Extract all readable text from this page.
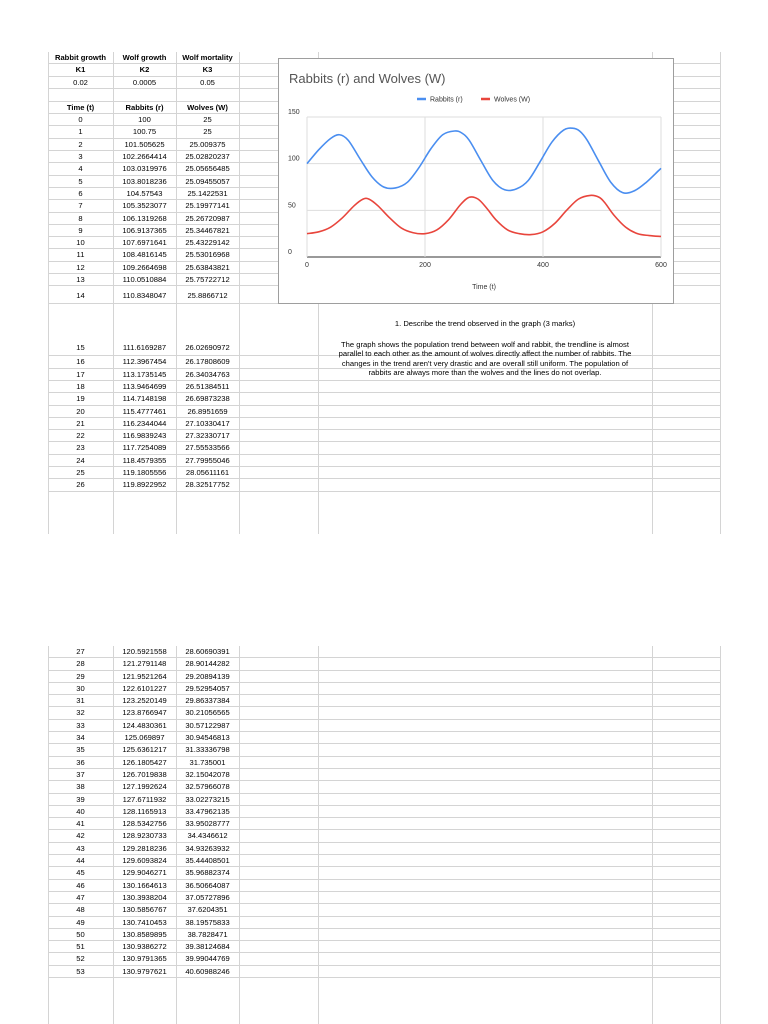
Rabbit growth	Wolf growth	Wolf mortality
K1	K2	K3
0.02	0.0005	0.05
Time (t)	Rabbits (r)	Wolves (W)
0	100	25
1	100.75	25
2	101.505625	25.009375
3	102.2664414	25.02820237
4	103.0319976	25.05656485
5	103.8018236	25.09455057
6	104.57543	25.1422531
7	105.3523077	25.19977141
8	106.1319268	25.26720987
9	106.9137365	25.34467821
10	107.6971641	25.43229142
11	108.4816145	25.53016968
12	109.2664698	25.63843821
13	110.0510884	25.75722712
14	110.8348047	25.8866712
15	111.6169287	26.02690972
16	112.3967454	26.17808609
17	113.1735145	26.34034763
18	113.9464699	26.51384511
19	114.7148198	26.69873238
20	115.4777461	26.8951659
21	116.2344044	27.10330417
22	116.9839243	27.32330717
23	117.7254089	27.55533566
24	118.4579355	27.79955046
25	119.1805556	28.05611161
26	119.8922952	28.32517752
27	120.5921558	28.60690391
28	121.2791148	28.90144282
29	121.9521264	29.20894139
30	122.6101227	29.52954057
31	123.2520149	29.86337384
32	123.8766947	30.21056565
33	124.4830361	30.57122987
34	125.069897	30.94546813
35	125.6361217	31.33336798
36	126.1805427	31.735001
37	126.7019838	32.15042078
38	127.1992624	32.57966078
39	127.6711932	33.02273215
40	128.1165913	33.47962135
41	128.5342756	33.95028777
42	128.9230733	34.4346612
43	129.2818236	34.93263932
44	129.6093824	35.44408501
45	129.9046271	35.96882374
46	130.1664613	36.50664087
47	130.3938204	37.05727896
48	130.5856767	37.6204351
49	130.7410453	38.19575833
50	130.8589895	38.7828471
51	130.9386272	39.38124684
52	130.9791365	39.99044769
53	130.9797621	40.60988246
Rabbits (r) and Wolves (W)
0
50
100
150
0	200	400	600
Time (t)
Rabbits (r)	Wolves (W)
1. Describe the trend observed in the graph (3 marks)
The graph shows the population trend between wolf and rabbit, the trendline is almost
parallel to each other as the amount of wolves directly affect the number of rabbits. The
changes in the trend aren't very drastic and are overall still uniform. The population of
rabbits are always more than the wolves and the lines do not overlap.
